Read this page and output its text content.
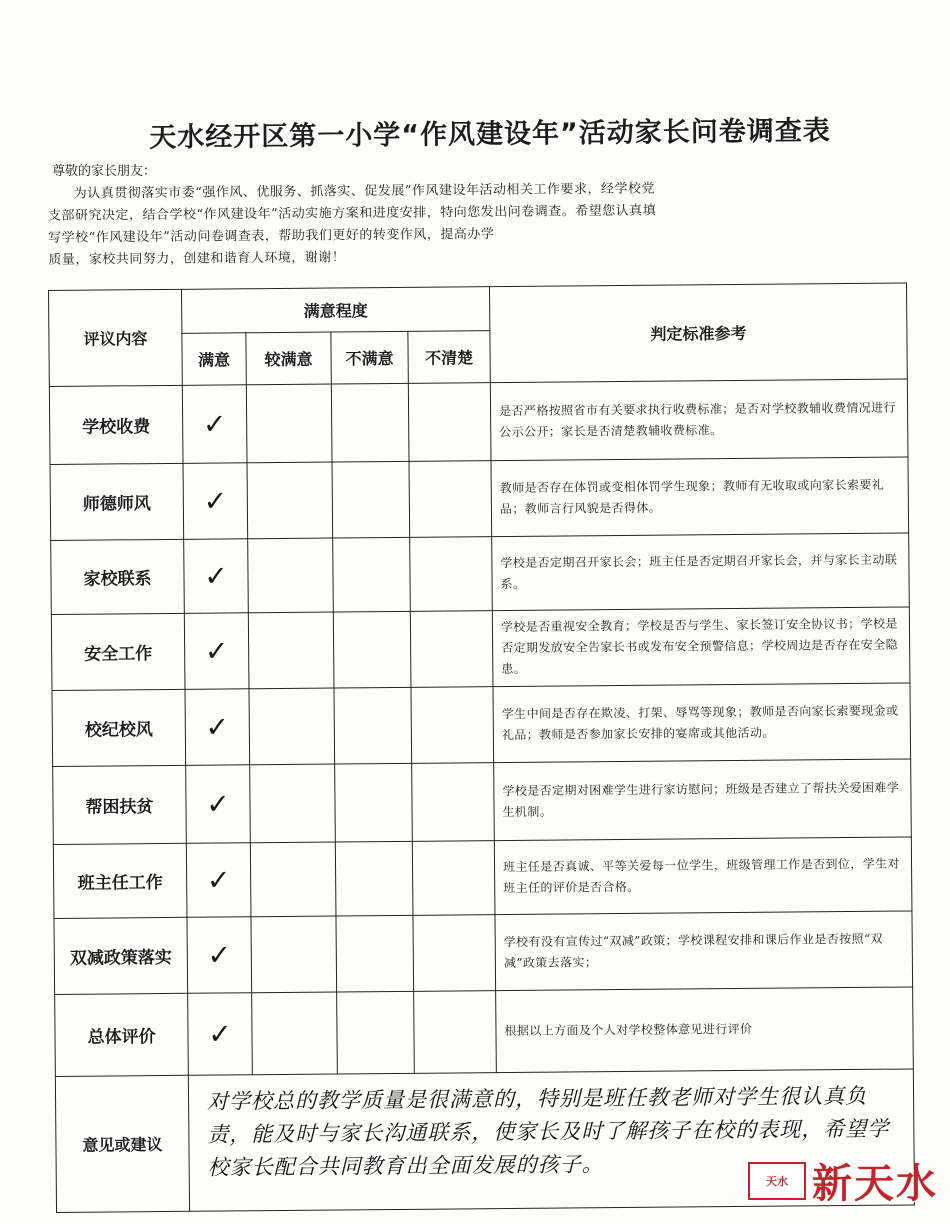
天水经开区第一小学“作风建设年”活动家长问卷调查表
尊敬的家长朋友：

为认真贯彻落实市委“强作风、优服务、抓落实、促发展”作风建设年活动相关工作要求，经学校党

支部研究决定，结合学校“作风建设年”活动实施方案和进度安排，特向您发出问卷调查。希望您认真填
写学校“作风建设年”活动问卷调查表，帮助我们更好的转变作风，提高办学
质量，家校共同努力，创建和谐育人环境，谢谢！
评议内容	满意程度				判定标准参考
	满意	较满意	不满意	不清楚	
学校收费	✓				是否严格按照省市有关要求执行收费标准；是否对学校教辅收费情况进行公示公开；家长是否清楚教辅收费标准。
师德师风	✓				教师是否存在体罚或变相体罚学生现象；教师有无收取或向家长索要礼品；教师言行风貌是否得体。
家校联系	✓				学校是否定期召开家长会；班主任是否定期召开家长会，并与家长主动联系。
安全工作	✓				学校是否重视安全教育；学校是否与学生、家长签订安全协议书；学校是否定期发放安全告家长书或发布安全预警信息；学校周边是否存在安全隐患。
校纪校风	✓				学生中间是否存在欺凌、打架、辱骂等现象；教师是否向家长索要现金或礼品；教师是否参加家长安排的宴席或其他活动。
帮困扶贫	✓				学校是否定期对困难学生进行家访慰问；班级是否建立了帮扶关爱困难学生机制。
班主任工作	✓				班主任是否真诚、平等关爱每一位学生，班级管理工作是否到位，学生对班主任的评价是否合格。
双减政策落实	✓				学校有没有宣传过“双减”政策；学校课程安排和课后作业是否按照“双减”政策去落实；
总体评价	✓				根据以上方面及个人对学校整体意见进行评价
意见或建议	对学校总的教学质量是很满意的，特别是班任教老师对学生很认真负责，能及时与家长沟通联系，使家长及时了解孩子在校的表现，希望学校家长配合共同教育出全面发展的孩子。				
天水 新天水
